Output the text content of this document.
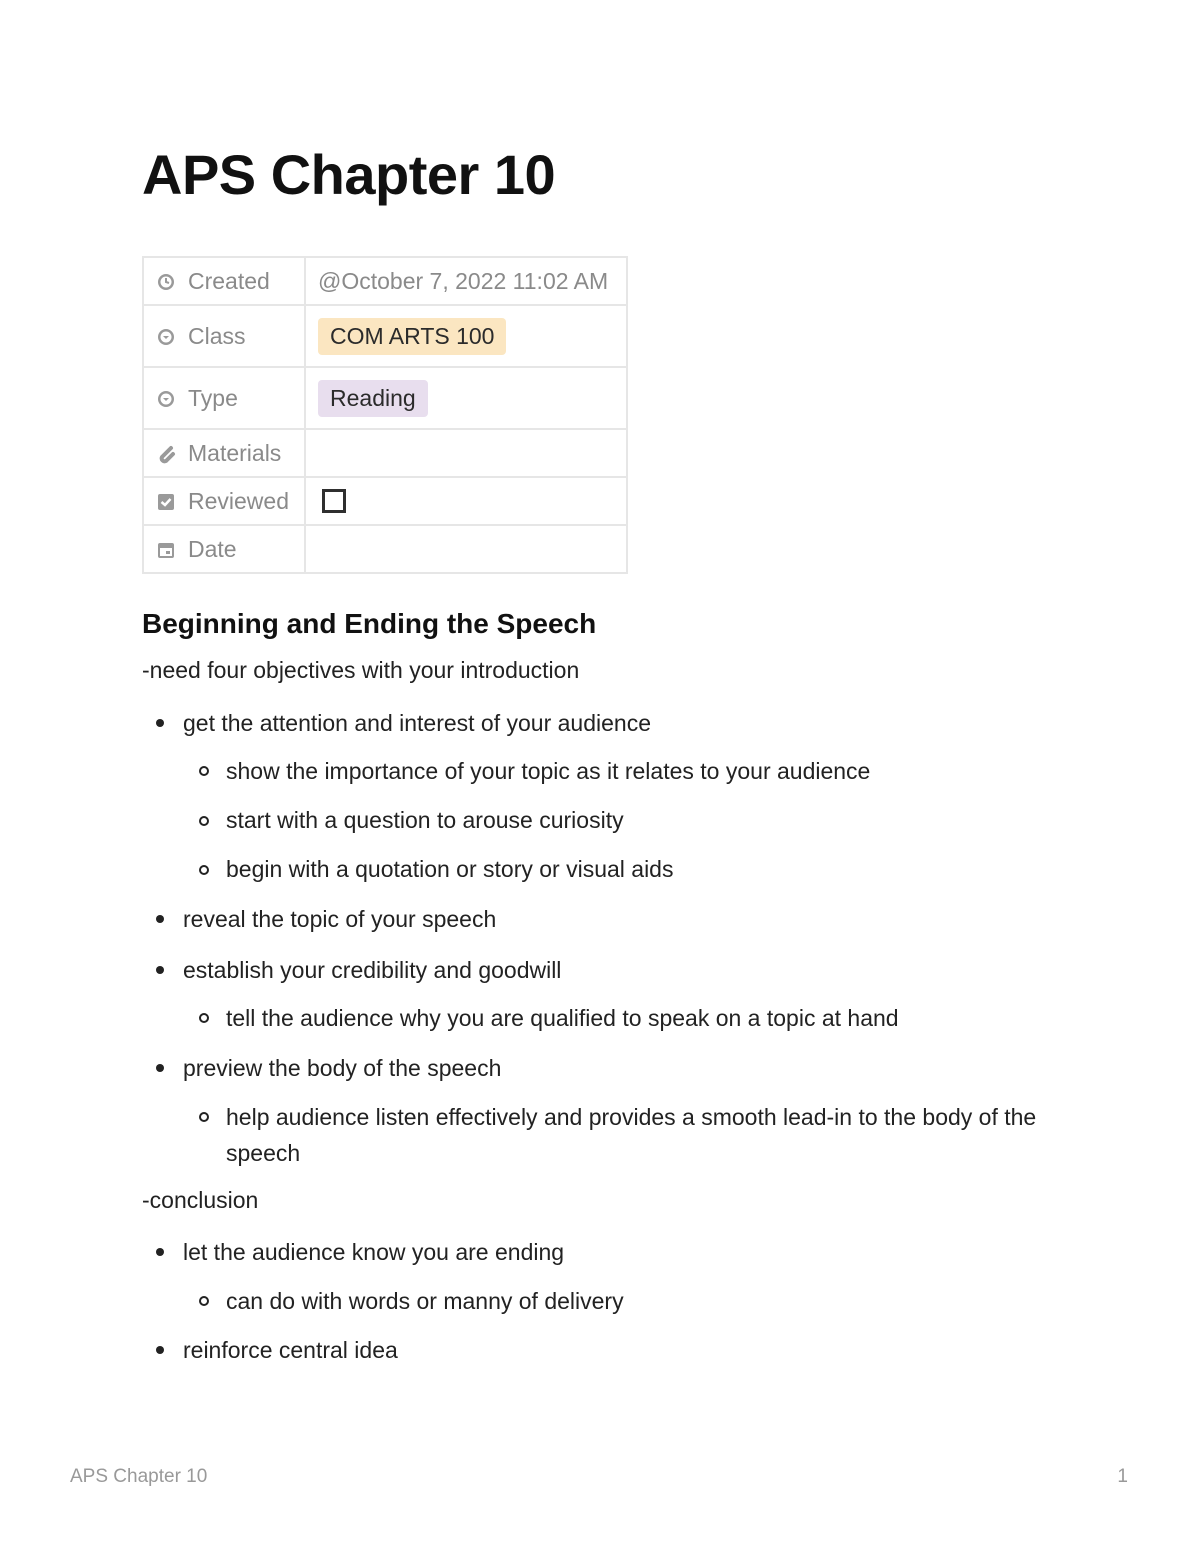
APS Chapter 10
Created	@October 7, 2022 11:02 AM

Class	COM ARTS 100

Type	Reading

Materials	

Reviewed	

Date	

Beginning and Ending the Speech

-need four objectives with your introduction

get the attention and interest of your audience

show the importance of your topic as it relates to your audience

start with a question to arouse curiosity

begin with a quotation or story or visual aids

reveal the topic of your speech

establish your credibility and goodwill

tell the audience why you are qualified to speak on a topic at hand

preview the body of the speech

help audience listen effectively and provides a smooth lead-in to the body of the speech

-conclusion

let the audience know you are ending

can do with words or manny of delivery

reinforce central idea

APS Chapter 10	1
